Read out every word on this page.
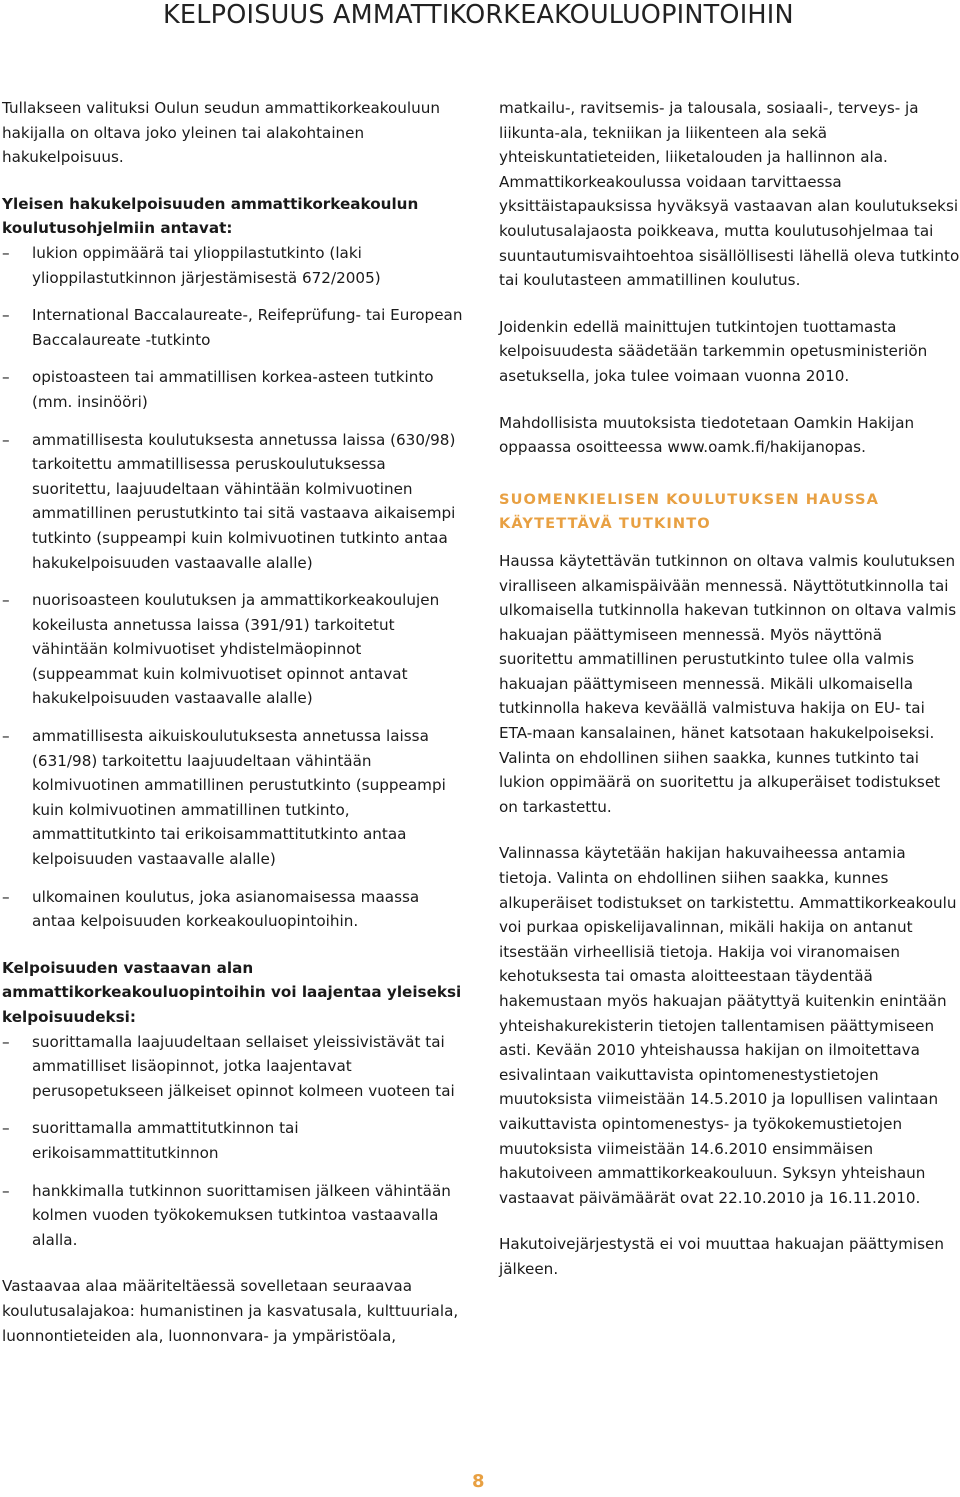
KELPOISUUS AMMATTIKORKEAKOULUOPINTOIHIN

Tullakseen valituksi Oulun seudun ammattikorkeakouluun hakijalla on oltava joko yleinen tai alakohtainen hakukelpoisuus.

Yleisen hakukelpoisuuden ammattikorkeakoulun koulutusohjelmiin antavat:
–	lukion oppimäärä tai ylioppilastutkinto (laki ylioppilastutkinnon järjestämisestä 672/2005)
–	International Baccalaureate-, Reifeprüfung- tai European Baccalaureate -tutkinto
–	opistoasteen tai ammatillisen korkea-asteen tutkinto (mm. insinööri)
–	ammatillisesta koulutuksesta annetussa laissa (630/98) tarkoitettu ammatillisessa peruskoulutuksessa suoritettu, laajuudeltaan vähintään kolmivuotinen ammatillinen perustutkinto tai sitä vastaava aikaisempi tutkinto (suppeampi kuin kolmivuotinen tutkinto antaa hakukelpoisuuden vastaavalle alalle)
–	nuorisoasteen koulutuksen ja ammattikorkeakoulujen kokeilusta annetussa laissa (391/91) tarkoitetut vähintään kolmivuotiset yhdistelmäopinnot (suppeammat kuin kolmivuotiset opinnot antavat hakukelpoisuuden vastaavalle alalle)
–	ammatillisesta aikuiskoulutuksesta annetussa laissa (631/98) tarkoitettu laajuudeltaan vähintään kolmivuotinen ammatillinen perustutkinto (suppeampi kuin kolmivuotinen ammatillinen tutkinto, ammattitutkinto tai erikoisammattitutkinto antaa kelpoisuuden vastaavalle alalle)
–	ulkomainen koulutus, joka asianomaisessa maassa antaa kelpoisuuden korkeakouluopintoihin.
Kelpoisuuden vastaavan alan ammattikorkeakouluopintoihin voi laajentaa yleiseksi kelpoisuudeksi:
–	suorittamalla laajuudeltaan sellaiset yleissivistävät tai ammatilliset lisäopinnot, jotka laajentavat perusopetukseen jälkeiset opinnot kolmeen vuoteen tai
–	suorittamalla ammattitutkinnon tai erikoisammattitutkinnon
–	hankkimalla tutkinnon suorittamisen jälkeen vähintään kolmen vuoden työkokemuksen tutkintoa vastaavalla alalla.

Vastaavaa alaa määriteltäessä sovelletaan seuraavaa koulutusalajakoa: humanistinen ja kasvatusala, kulttuuriala, luonnontieteiden ala, luonnonvara- ja ympäristöala,

matkailu-, ravitsemis- ja talousala, sosiaali-, terveys- ja liikunta-ala, tekniikan ja liikenteen ala sekä yhteiskuntatieteiden, liiketalouden ja hallinnon ala. Ammattikorkeakoulussa voidaan tarvittaessa yksittäistapauksissa hyväksyä vastaavan alan koulutukseksi koulutusalajaosta poikkeava, mutta koulutusohjelmaa tai suuntautumisvaihtoehtoa sisällöllisesti lähellä oleva tutkinto tai koulutasteen ammatillinen koulutus.

Joidenkin edellä mainittujen tutkintojen tuottamasta kelpoisuudesta säädetään tarkemmin opetusministeriön asetuksella, joka tulee voimaan vuonna 2010.

Mahdollisista muutoksista tiedotetaan Oamkin Hakijan oppaassa osoitteessa www.oamk.fi/hakijanopas.

SUOMENKIELISEN KOULUTUKSEN HAUSSA KÄYTETTÄVÄ TUTKINTO

Haussa käytettävän tutkinnon on oltava valmis koulutuksen viralliseen alkamispäivään mennessä. Näyttötutkinnolla tai ulkomaisella tutkinnolla hakevan tutkinnon on oltava valmis hakuajan päättymiseen mennessä. Myös näyttönä suoritettu ammatillinen perustutkinto tulee olla valmis hakuajan päättymiseen mennessä. Mikäli ulkomaisella tutkinnolla hakeva keväällä valmistuva hakija on EU- tai ETA-maan kansalainen, hänet katsotaan hakukelpoiseksi. Valinta on ehdollinen siihen saakka, kunnes tutkinto tai lukion oppimäärä on suoritettu ja alkuperäiset todistukset on tarkastettu.

Valinnassa käytetään hakijan hakuvaiheessa antamia tietoja. Valinta on ehdollinen siihen saakka, kunnes alkuperäiset todistukset on tarkistettu. Ammattikorkeakoulu voi purkaa opiskelijavalinnan, mikäli hakija on antanut itsestään virheellisiä tietoja. Hakija voi viranomaisen kehotuksesta tai omasta aloitteestaan täydentää hakemustaan myös hakuajan päätyttyä kuitenkin enintään yhteishakurekisterin tietojen tallentamisen päättymiseen asti. Kevään 2010 yhteishaussa hakijan on ilmoitettava esivalintaan vaikuttavista opintomenestystietojen muutoksista viimeistään 14.5.2010 ja lopullisen valintaan vaikuttavista opintomenestys- ja työkokemustietojen muutoksista viimeistään 14.6.2010 ensimmäisen hakutoiveen ammattikorkeakouluun. Syksyn yhteishaun vastaavat päivämäärät ovat 22.10.2010 ja 16.11.2010.

Hakutoivejärjestystä ei voi muuttaa hakuajan päättymisen jälkeen.

8
